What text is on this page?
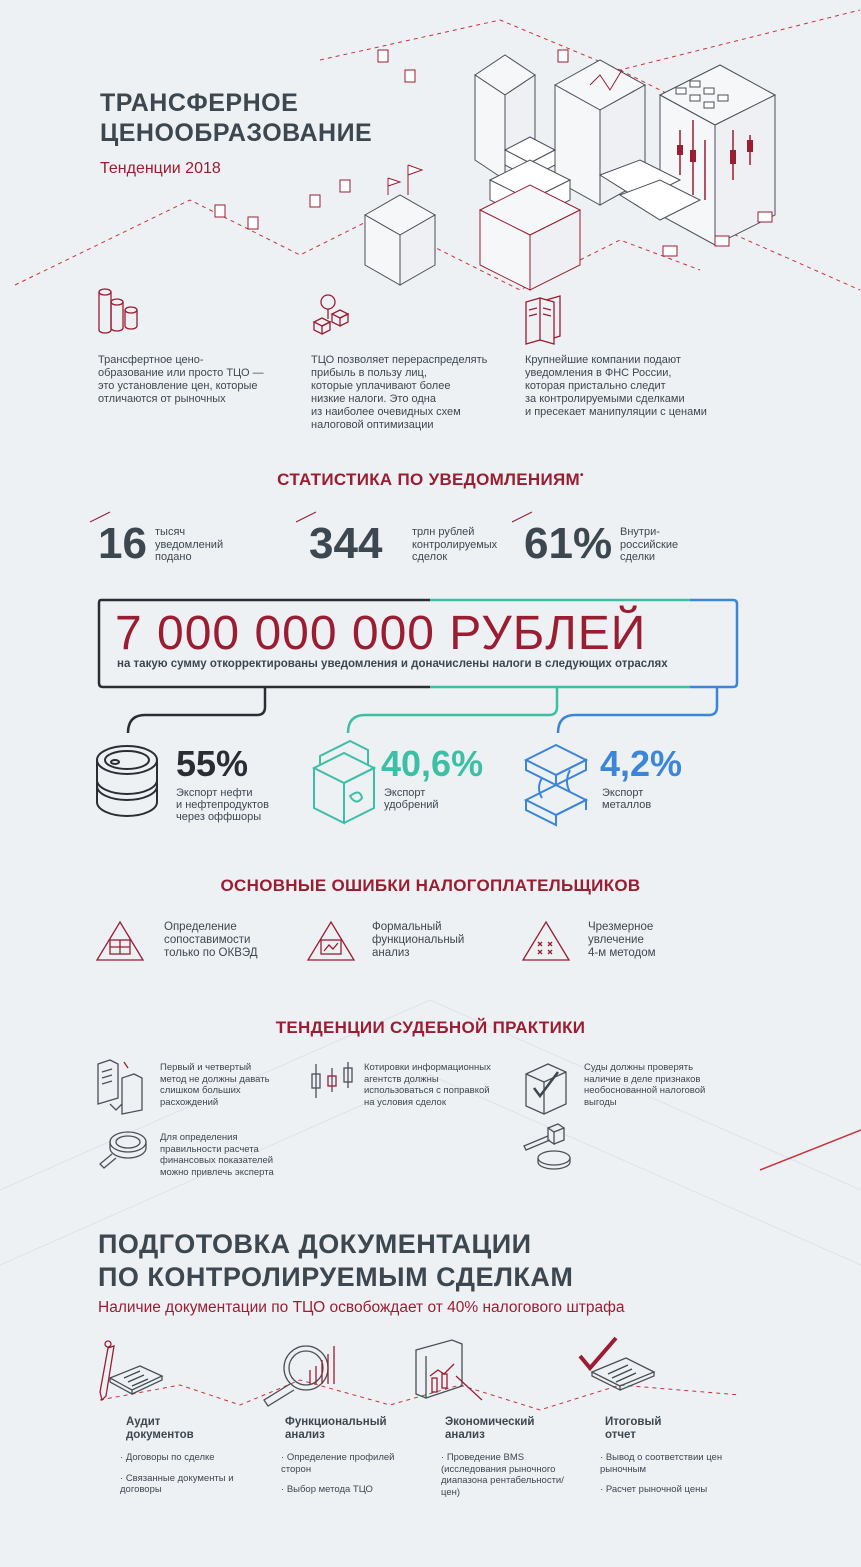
ТРАНСФЕРНОЕ
ЦЕНООБРАЗОВАНИЕ
Тенденции 2018
Трансфертное цено-
образование или просто ТЦО —
это установление цен, которые
отличаются от рыночных
ТЦО позволяет перераспределять
прибыль в пользу лиц,
которые уплачивают более
низкие налоги. Это одна
из наиболее очевидных схем
налоговой оптимизации
Крупнейшие компании подают
уведомления в ФНС России,
которая пристально следит
за контролируемыми сделками
и пресекает манипуляции с ценами
СТАТИСТИКА ПО УВЕДОМЛЕНИЯМ•
16 тысяч
уведомлений
подано	344	трлн рублей
контролируемых
сделок	61% Внутри-
российские
сделки
7 000 000 000 РУБЛЕЙ
на такую сумму откорректированы уведомления и доначислены налоги в следующих отраслях
55%
Экспорт нефти
и нефтепродуктов
через оффшоры
40,6%
Экспорт
удобрений
4,2%
Экспорт
металлов
ОСНОВНЫЕ ОШИБКИ НАЛОГОПЛАТЕЛЬЩИКОВ
Определение
сопоставимости
только по ОКВЭД
Формальный
функциональный
анализ
Чрезмерное
увлечение
4-м методом
ТЕНДЕНЦИИ СУДЕБНОЙ ПРАКТИКИ
Первый и четвертый
метод не должны давать
слишком больших
расхождений
Котировки информационных
агентств должны
использоваться с поправкой
на условия сделок
Суды должны проверять
наличие в деле признаков
необоснованной налоговой
выгоды
Для определения
правильности расчета
финансовых показателей
можно привлечь эксперта
ПОДГОТОВКА ДОКУМЕНТАЦИИ
ПО КОНТРОЛИРУЕМЫМ СДЕЛКАМ
Наличие документации по ТЦО освобождает от 40% налогового штрафа
Аудит
документов
· Договоры по сделке
· Связанные документы и договоры
Функциональный
анализ
· Определение профилей сторон
· Выбор метода ТЦО
Экономический
анализ
· Проведение BMS (исследования рыночного диапазона рентабельности/цен)
Итоговый
отчет
· Вывод о соответствии цен рыночным
· Расчет рыночной цены
